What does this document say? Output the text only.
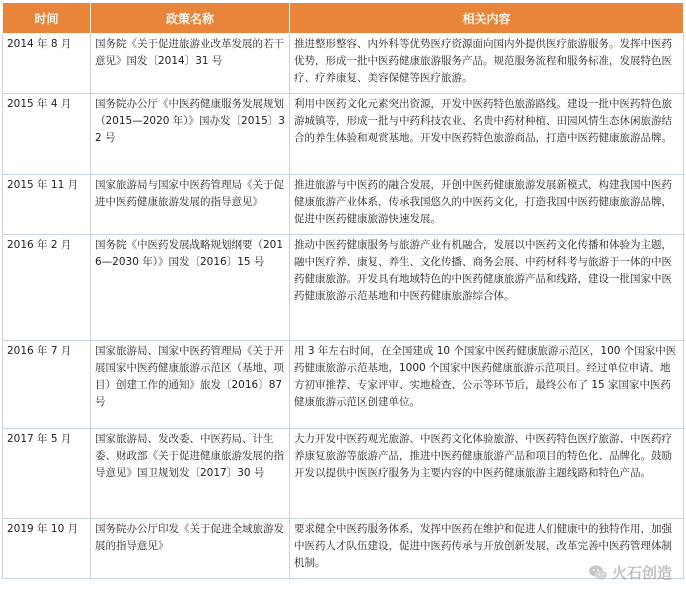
时间	政策名称	相关内容
2014 年 8 月	国务院《关于促进旅游业改革发展的若干意见》国发〔2014〕31 号	推进整形整容、内外科等优势医疗资源面向国内外提供医疗旅游服务。发挥中医药优势，形成一批中医药健康旅游服务产品。规范服务流程和服务标准，发展特色医疗、疗养康复、美容保健等医疗旅游。
2015 年 4 月	国务院办公厅《中医药健康服务发展规划（2015—2020 年）》国办发〔2015〕32 号	利用中医药文化元素突出资源，开发中医药特色旅游路线。建设一批中医药特色旅游城镇等，形成一批与中药科技农业、名贵中药材种植、田园风情生态休闲旅游结合的养生体验和观赏基地。开发中医药特色旅游商品，打造中医药健康旅游品牌。
2015 年 11 月	国家旅游局与国家中医药管理局《关于促进中医药健康旅游发展的指导意见》	推进旅游与中医药的融合发展，开创中医药健康旅游发展新模式，构建我国中医药健康旅游产业体系，传承我国悠久的中医药文化，打造我国中医药健康旅游品牌，促进中医药健康旅游快速发展。
2016 年 2 月	国务院《中医药发展战略规划纲要（2016—2030 年）》国发〔2016〕15 号	推动中医药健康服务与旅游产业有机融合，发展以中医药文化传播和体验为主题，融中医疗养、康复、养生、文化传播、商务会展、中药材科考与旅游于一体的中医药健康旅游。开发具有地域特色的中医药健康旅游产品和线路，建设一批国家中医药健康旅游示范基地和中医药健康旅游综合体。
2016 年 7 月	国家旅游局、国家中医药管理局《关于开展国家中医药健康旅游示范区（基地、项目）创建工作的通知》旅发〔2016〕87 号	用 3 年左右时间，在全国建成 10 个国家中医药健康旅游示范区，100 个国家中医药健康旅游示范基地，1000 个国家中医药健康旅游示范项目。经过单位申请、地方初审推荐、专家评审、实地检查、公示等环节后，最终公布了 15 家国家中医药健康旅游示范区创建单位。
2017 年 5 月	国家旅游局、发改委、中医药局、计生委、财政部《关于促进健康旅游发展的指导意见》国卫规划发〔2017〕30 号	大力开发中医药观光旅游、中医药文化体验旅游、中医药特色医疗旅游、中医药疗养康复旅游等旅游产品，推进中医药健康旅游产品和项目的特色化、品牌化。鼓励开发以提供中医医疗服务为主要内容的中医药健康旅游主题线路和特色产品。
2019 年 10 月	国务院办公厅印发《关于促进全域旅游发展的指导意见》	要求健全中医药服务体系，发挥中医药在维护和促进人们健康中的独特作用，加强中医药人才队伍建设，促进中医药传承与开放创新发展，改革完善中医药管理体制机制。
火石创造
